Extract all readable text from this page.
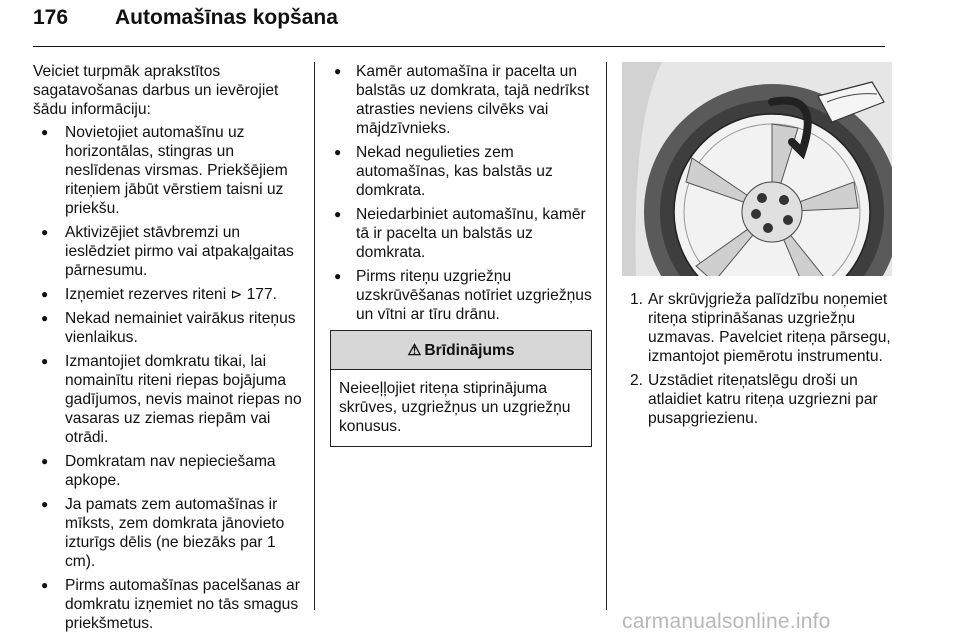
176 Automašīnas kopšana

Veiciet turpmāk aprakstītos sagatavošanas darbus un ievērojiet šādu informāciju:

● Novietojiet automašīnu uz horizontālas, stingras un neslīdenas virsmas. Priekšējiem riteņiem jābūt vērstiem taisni uz priekšu.
● Aktivizējiet stāvbremzi un ieslēdziet pirmo vai atpakaļgaitas pārnesumu.
● Izņemiet rezerves riteni ⊳ 177.
● Nekad nemainiet vairākus riteņus vienlaikus.
● Izmantojiet domkratu tikai, lai nomainītu riteni riepas bojājuma gadījumos, nevis mainot riepas no vasaras uz ziemas riepām vai otrādi.
● Domkratam nav nepieciešama apkope.
● Ja pamats zem automašīnas ir mīksts, zem domkrata jānovieto izturīgs dēlis (ne biezāks par 1 cm).
● Pirms automašīnas pacelšanas ar domkratu izņemiet no tās smagus priekšmetus.
● Kamēr automašīna ir pacelta un balstās uz domkrata, tajā nedrīkst atrasties neviens cilvēks vai mājdzīvnieks.
● Nekad negulieties zem automašīnas, kas balstās uz domkrata.
● Neiedarbiniet automašīnu, kamēr tā ir pacelta un balstās uz domkrata.
● Pirms riteņu uzgriežņu uzskrūvēšanas notīriet uzgriežņus un vītni ar tīru drānu.
⚠ Brīdinājums
Neieeļļojiet riteņa stiprinājuma skrūves, uzgriežņus un uzgriežņu konusus.
1. Ar skrūvjgrieža palīdzību noņemiet riteņa stiprināšanas uzgriežņu uzmavas. Pavelciet riteņa pārsegu, izmantojot piemērotu instrumentu.
2. Uzstādiet riteņatslēgu droši un atlaidiet katru riteņa uzgriezni par pusapgriezienu.
carmanualsonline.info
